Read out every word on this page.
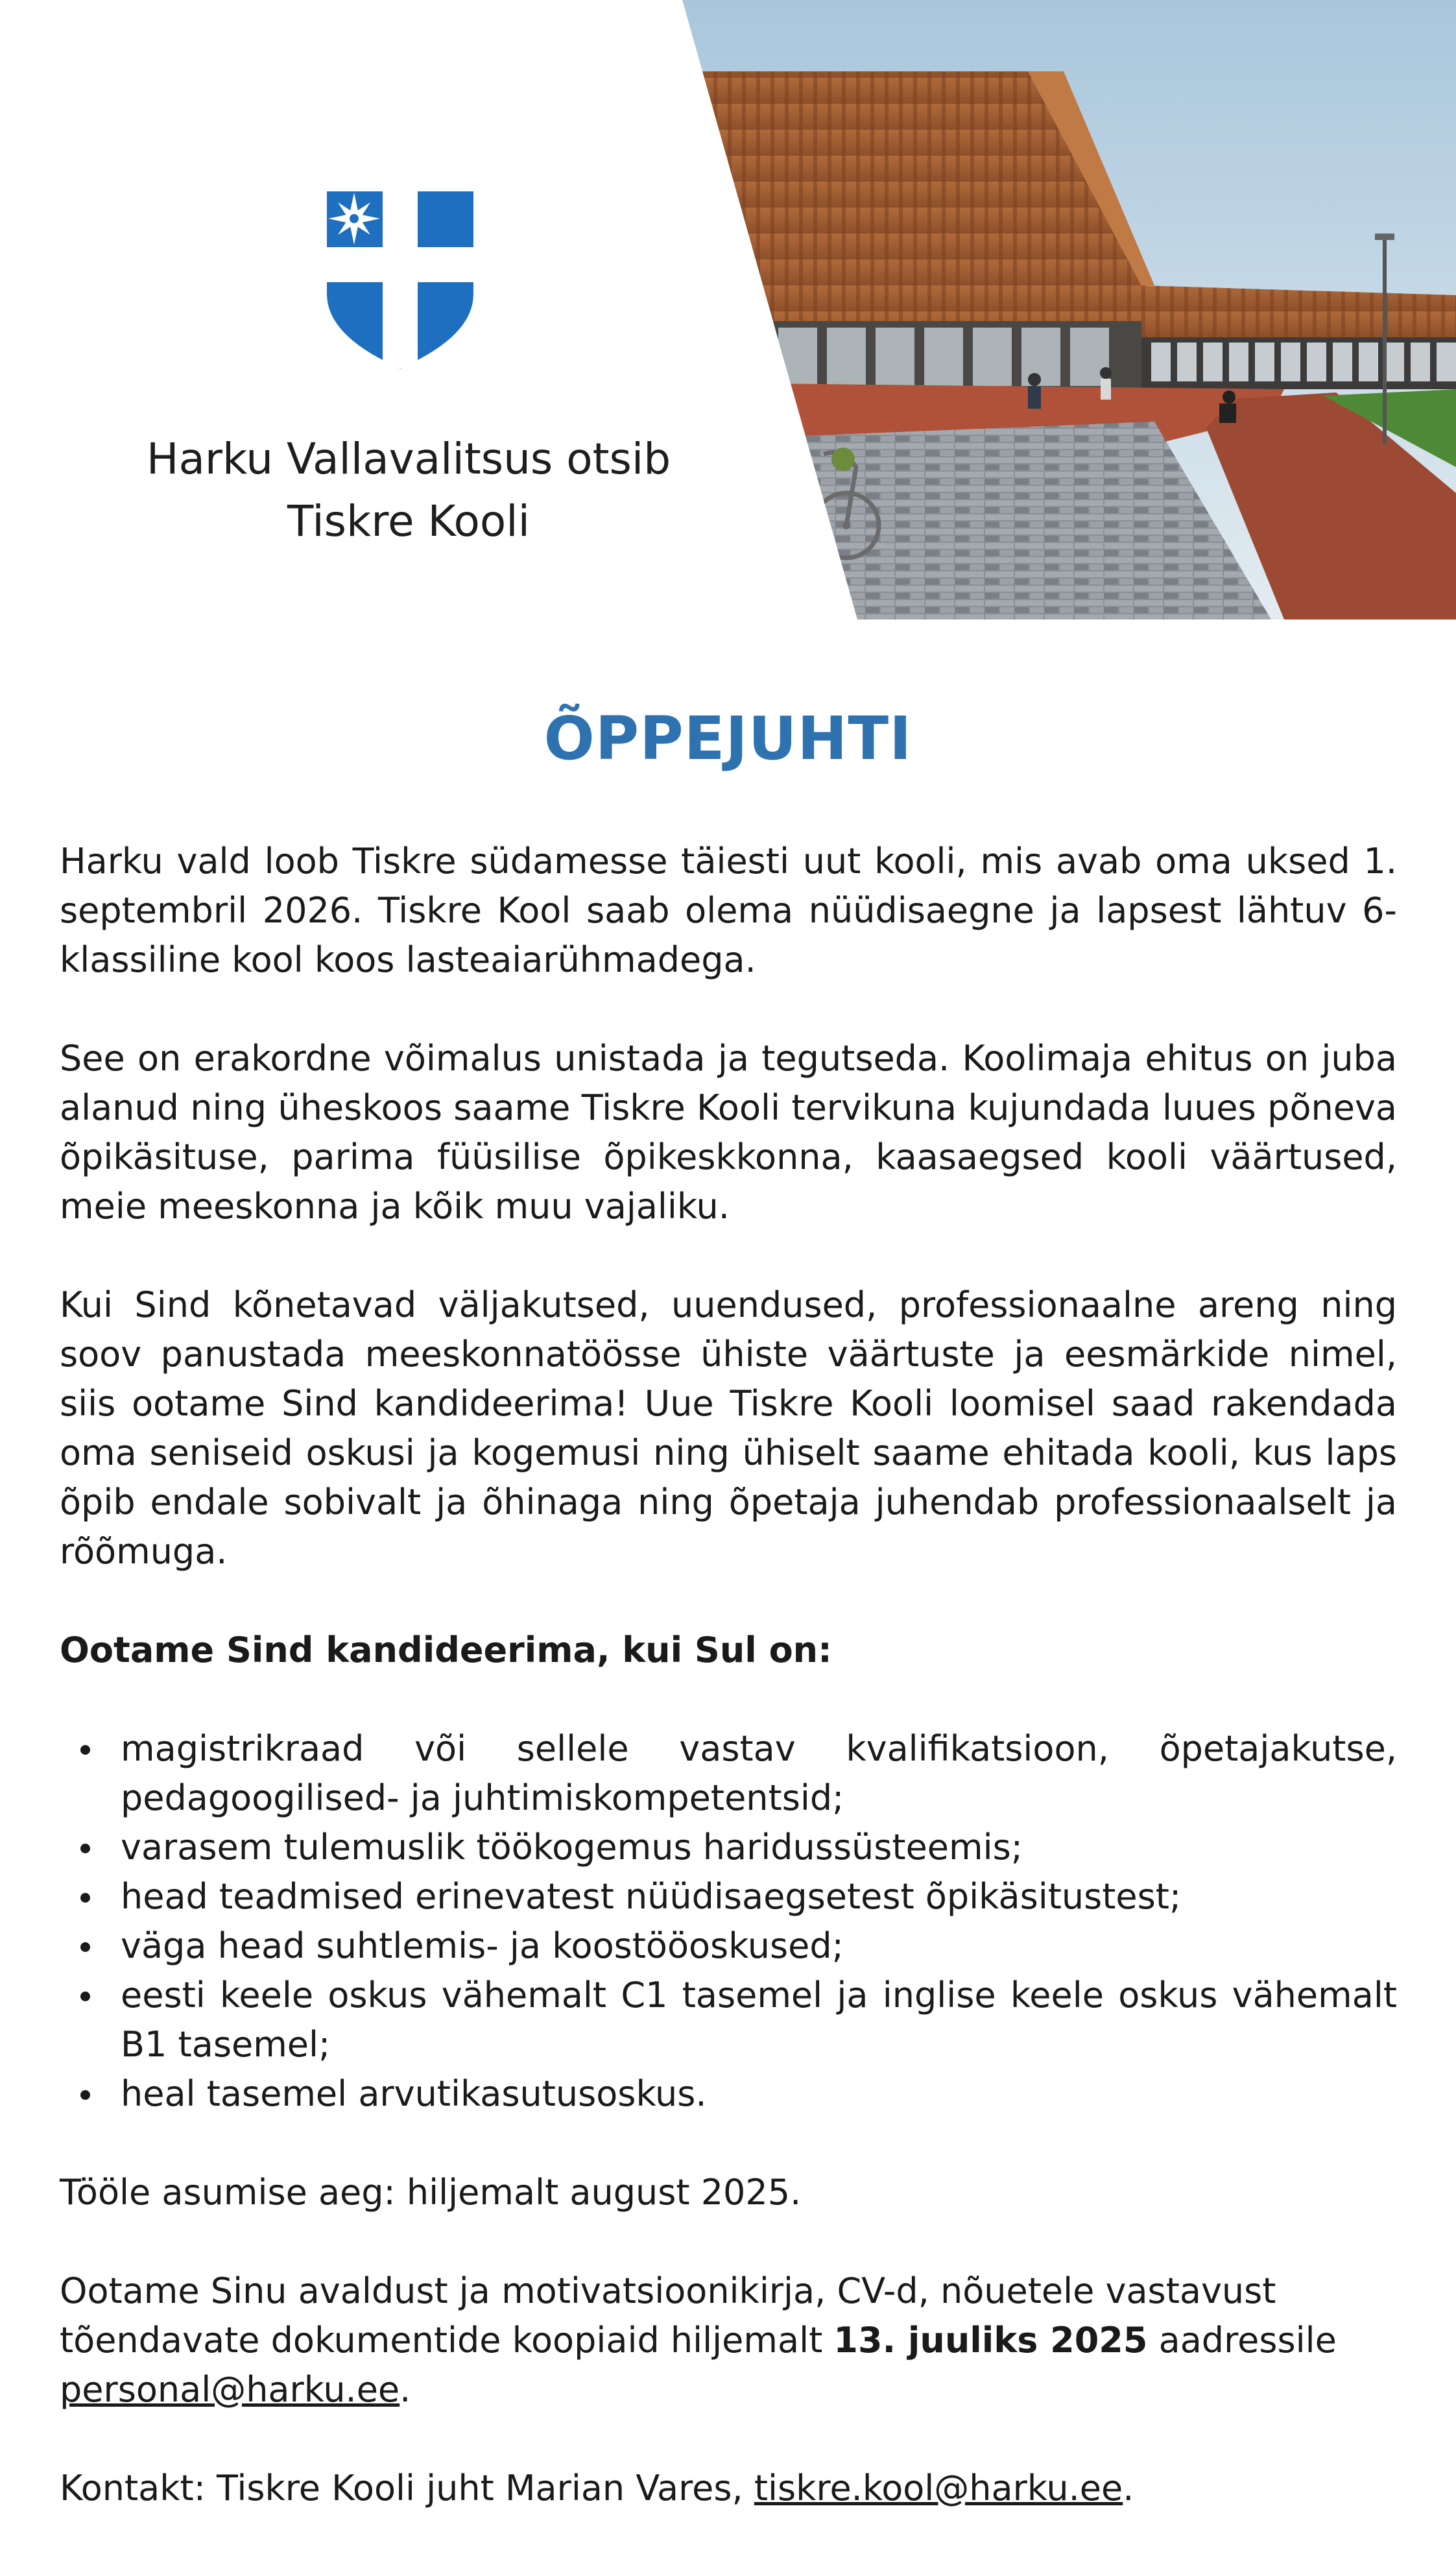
Harku Vallavalitsus otsib
Tiskre Kooli
ÕPPEJUHTI

Harku vald loob Tiskre südamesse täiesti uut kooli, mis avab oma uksed 1. septembril 2026. Tiskre Kool saab olema nüüdisaegne ja lapsest lähtuv 6-klassiline kool koos lasteaiarühmadega.

See on erakordne võimalus unistada ja tegutseda. Koolimaja ehitus on juba alanud ning üheskoos saame Tiskre Kooli tervikuna kujundada luues põneva õpikäsituse, parima füüsilise õpikeskkonna, kaasaegsed kooli väärtused, meie meeskonna ja kõik muu vajaliku.

Kui Sind kõnetavad väljakutsed, uuendused, professionaalne areng ning soov panustada meeskonnatöösse ühiste väärtuste ja eesmärkide nimel, siis ootame Sind kandideerima! Uue Tiskre Kooli loomisel saad rakendada oma seniseid oskusi ja kogemusi ning ühiselt saame ehitada kooli, kus laps õpib endale sobivalt ja õhinaga ning õpetaja juhendab professionaalselt ja rõõmuga.

Ootame Sind kandideerima, kui Sul on:

magistrikraad või sellele vastav kvalifikatsioon, õpetajakutse, pedagoogilised- ja juhtimiskompetentsid;
varasem tulemuslik töökogemus haridussüsteemis;
head teadmised erinevatest nüüdisaegsetest õpikäsitustest;
väga head suhtlemis- ja koostööoskused;
eesti keele oskus vähemalt C1 tasemel ja inglise keele oskus vähemalt B1 tasemel;
heal tasemel arvutikasutusoskus.

Tööle asumise aeg: hiljemalt august 2025.

Ootame Sinu avaldust ja motivatsioonikirja, CV-d, nõuetele vastavust tõendavate dokumentide koopiaid hiljemalt 13. juuliks 2025 aadressile personal@harku.ee.

Kontakt: Tiskre Kooli juht Marian Vares, tiskre.kool@harku.ee.
